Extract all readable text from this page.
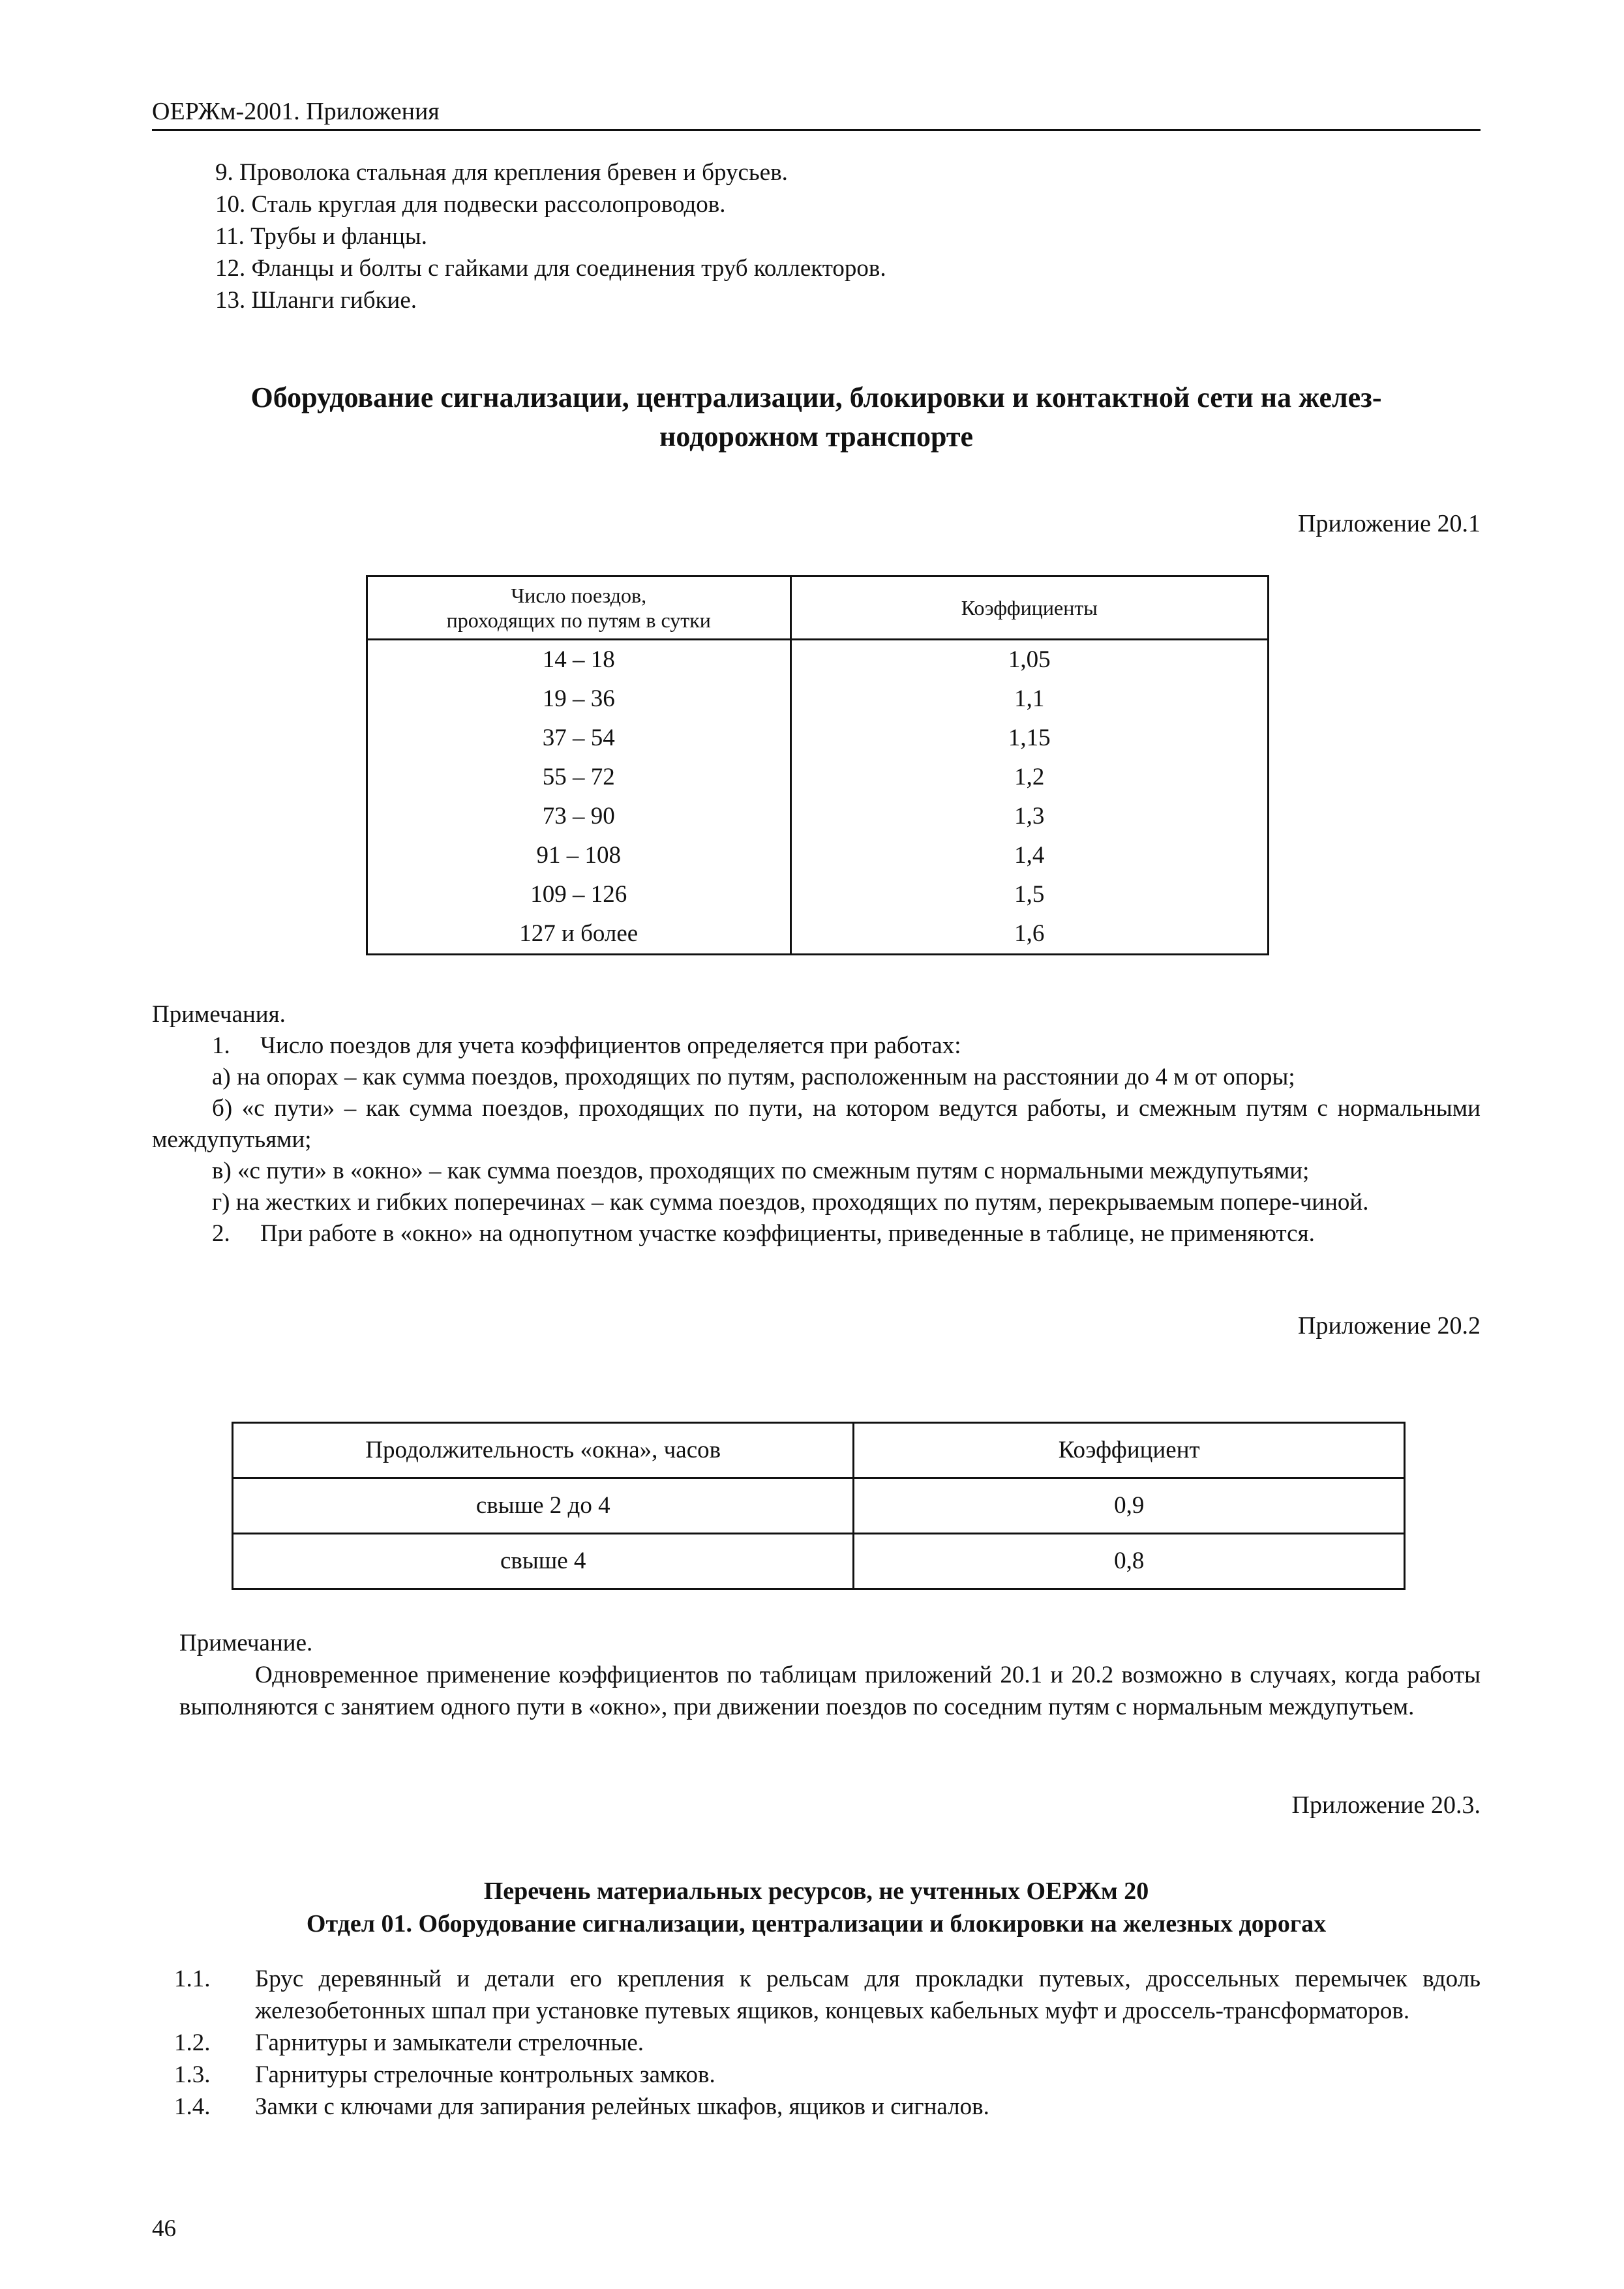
ОЕРЖм-2001. Приложения
9. Проволока стальная для крепления бревен и брусьев.
10. Сталь круглая для подвески рассолопроводов.
11. Трубы и фланцы.
12. Фланцы и болты с гайками для соединения труб коллекторов.
13. Шланги гибкие.
Оборудование сигнализации, централизации, блокировки и контактной сети на желез-
нодорожном транспорте
Приложение 20.1
Число поездов,
проходящих по путям в сутки	Коэффициенты
14 – 18	1,05
19 – 36	1,1
37 – 54	1,15
55 – 72	1,2
73 – 90	1,3
91 – 108	1,4
109 – 126	1,5
127 и более	1,6

Примечания.

1. Число поездов для учета коэффициентов определяется при работах:

а) на опорах – как сумма поездов, проходящих по путям, расположенным на расстоянии до 4 м от опоры;

б) «с пути» – как сумма поездов, проходящих по пути, на котором ведутся работы, и смежным путям с нормальными междупутьями;

в) «с пути» в «окно» – как сумма поездов, проходящих по смежным путям с нормальными междупутьями;

г) на жестких и гибких поперечинах – как сумма поездов, проходящих по путям, перекрываемым попере-чиной.

2. При работе в «окно» на однопутном участке коэффициенты, приведенные в таблице, не применяются.

Приложение 20.2
Продолжительность «окна», часов	Коэффициент
свыше 2 до 4	0,9
свыше 4	0,8

Примечание.

Одновременное применение коэффициентов по таблицам приложений 20.1 и 20.2 возможно в случаях, когда работы выполняются с занятием одного пути в «окно», при движении поездов по соседним путям с нормальным междупутьем.

Приложение 20.3.
Перечень материальных ресурсов, не учтенных ОЕРЖм 20
Отдел 01. Оборудование сигнализации, централизации и блокировки на железных дорогах
1.1.	Брус деревянный и детали его крепления к рельсам для прокладки путевых, дроссельных перемычек вдоль железобетонных шпал при установке путевых ящиков, концевых кабельных муфт и дроссель-трансформаторов.
1.2.	Гарнитуры и замыкатели стрелочные.
1.3.	Гарнитуры стрелочные контрольных замков.
1.4.	Замки с ключами для запирания релейных шкафов, ящиков и сигналов.
46
